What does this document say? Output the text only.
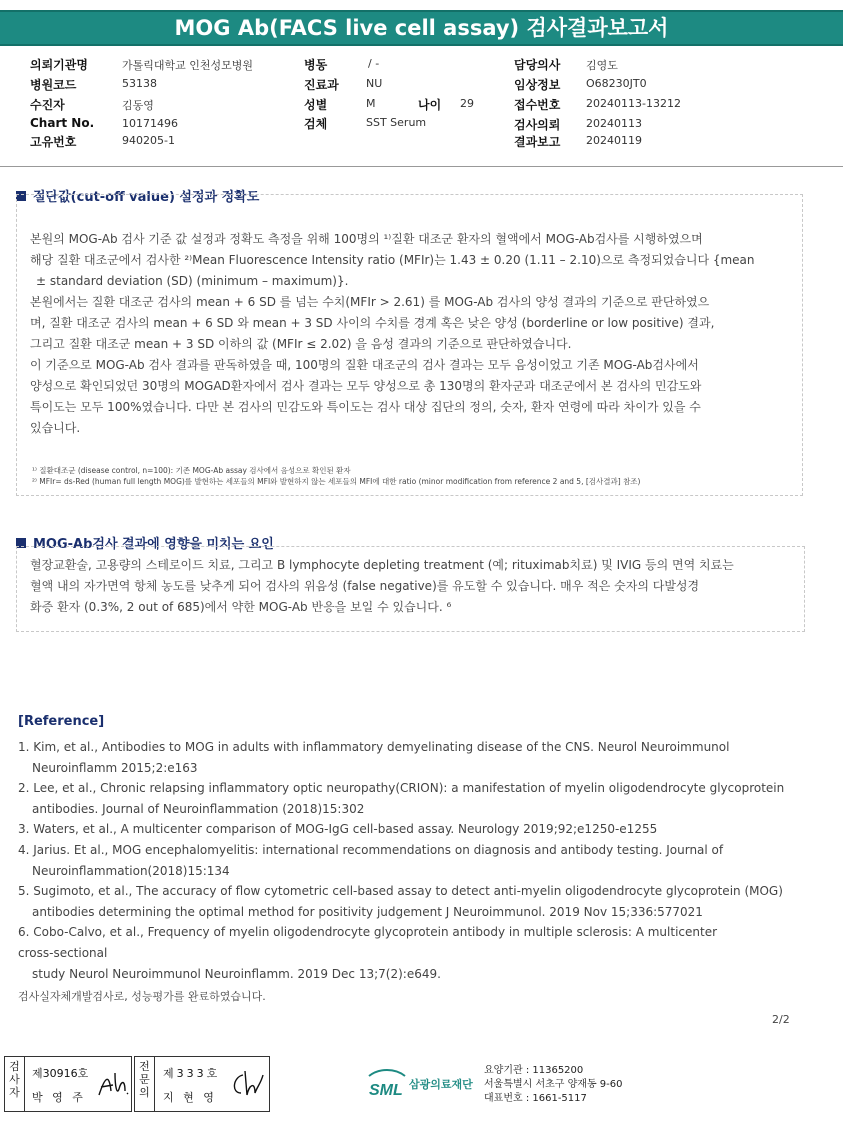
MOG Ab(FACS live cell assay) 검사결과보고서
의뢰기관명	가톨릭대학교 인천성모병원
병원코드	53138
수진자	김동영
Chart No.	10171496
고유번호	940205-1
병동	/ -
진료과 NU
성별	M	나이 29
검체	SST Serum
담당의사 김영도
임상정보 O68230JT0
접수번호 20240113-13212
검사의뢰 20240113
결과보고 20240119
절단값(cut-off value) 설정과 정확도
본원의 MOG-Ab 검사 기준 값 설정과 정확도 측정을 위해 100명의 ¹⁾질환 대조군 환자의 혈액에서 MOG-Ab검사를 시행하였으며
해당 질환 대조군에서 검사한 ²⁾Mean Fluorescence Intensity ratio (MFIr)는 1.43 ± 0.20 (1.11 – 2.10)으로 측정되었습니다 {mean
± standard deviation (SD) (minimum – maximum)}.
본원에서는 질환 대조군 검사의 mean + 6 SD 를 넘는 수치(MFIr > 2.61) 를 MOG-Ab 검사의 양성 결과의 기준으로 판단하였으
며, 질환 대조군 검사의 mean + 6 SD 와 mean + 3 SD 사이의 수치를 경계 혹은 낮은 양성 (borderline or low positive) 결과,
그리고 질환 대조군 mean + 3 SD 이하의 값 (MFIr ≤ 2.02) 을 음성 결과의 기준으로 판단하였습니다.
이 기준으로 MOG-Ab 검사 결과를 판독하였을 때, 100명의 질환 대조군의 검사 결과는 모두 음성이었고 기존 MOG-Ab검사에서
양성으로 확인되었던 30명의 MOGAD환자에서 검사 결과는 모두 양성으로 총 130명의 환자군과 대조군에서 본 검사의 민감도와
특이도는 모두 100%였습니다. 다만 본 검사의 민감도와 특이도는 검사 대상 집단의 정의, 숫자, 환자 연령에 따라 차이가 있을 수
있습니다.
¹⁾ 질환대조군 (disease control, n=100): 기존 MOG-Ab assay 검사에서 음성으로 확인된 환자
²⁾ MFIr= ds-Red (human full length MOG)를 발현하는 세포들의 MFI와 발현하지 않는 세포들의 MFI에 대한 ratio (minor modification from reference 2 and 5, [검사결과] 참조)
MOG-Ab검사 결과에 영향을 미치는 요인
혈장교환술, 고용량의 스테로이드 치료, 그리고 B lymphocyte depleting treatment (예; rituximab치료) 및 IVIG 등의 면역 치료는
혈액 내의 자가면역 항체 농도를 낮추게 되어 검사의 위음성 (false negative)를 유도할 수 있습니다. 매우 적은 숫자의 다발성경
화증 환자 (0.3%, 2 out of 685)에서 약한 MOG-Ab 반응을 보일 수 있습니다. ⁶
[Reference]
1. Kim, et al., Antibodies to MOG in adults with inflammatory demyelinating disease of the CNS. Neurol Neuroimmunol
Neuroinflamm 2015;2:e163
2. Lee, et al., Chronic relapsing inflammatory optic neuropathy(CRION): a manifestation of myelin oligodendrocyte glycoprotein
antibodies. Journal of Neuroinflammation (2018)15:302
3. Waters, et al., A multicenter comparison of MOG-IgG cell-based assay. Neurology 2019;92;e1250-e1255
4. Jarius. Et al., MOG encephalomyelitis: international recommendations on diagnosis and antibody testing. Journal of
Neuroinflammation(2018)15:134
5. Sugimoto, et al., The accuracy of flow cytometric cell-based assay to detect anti-myelin oligodendrocyte glycoprotein (MOG)
antibodies determining the optimal method for positivity judgement J Neuroimmunol. 2019 Nov 15;336:577021
6. Cobo-Calvo, et al., Frequency of myelin oligodendrocyte glycoprotein antibody in multiple sclerosis: A multicenter
cross-sectional
study Neurol Neuroimmunol Neuroinflamm. 2019 Dec 13;7(2):e649.
검사실자체개발검사로, 성능평가를 완료하였습니다.
2/2
검사자
제30916호
박 영 주
전문의
제333호
지 현 영	SML 삼광의료재단
요양기관 : 11365200
서울특별시 서초구 양재동 9-60
대표번호 : 1661-5117
